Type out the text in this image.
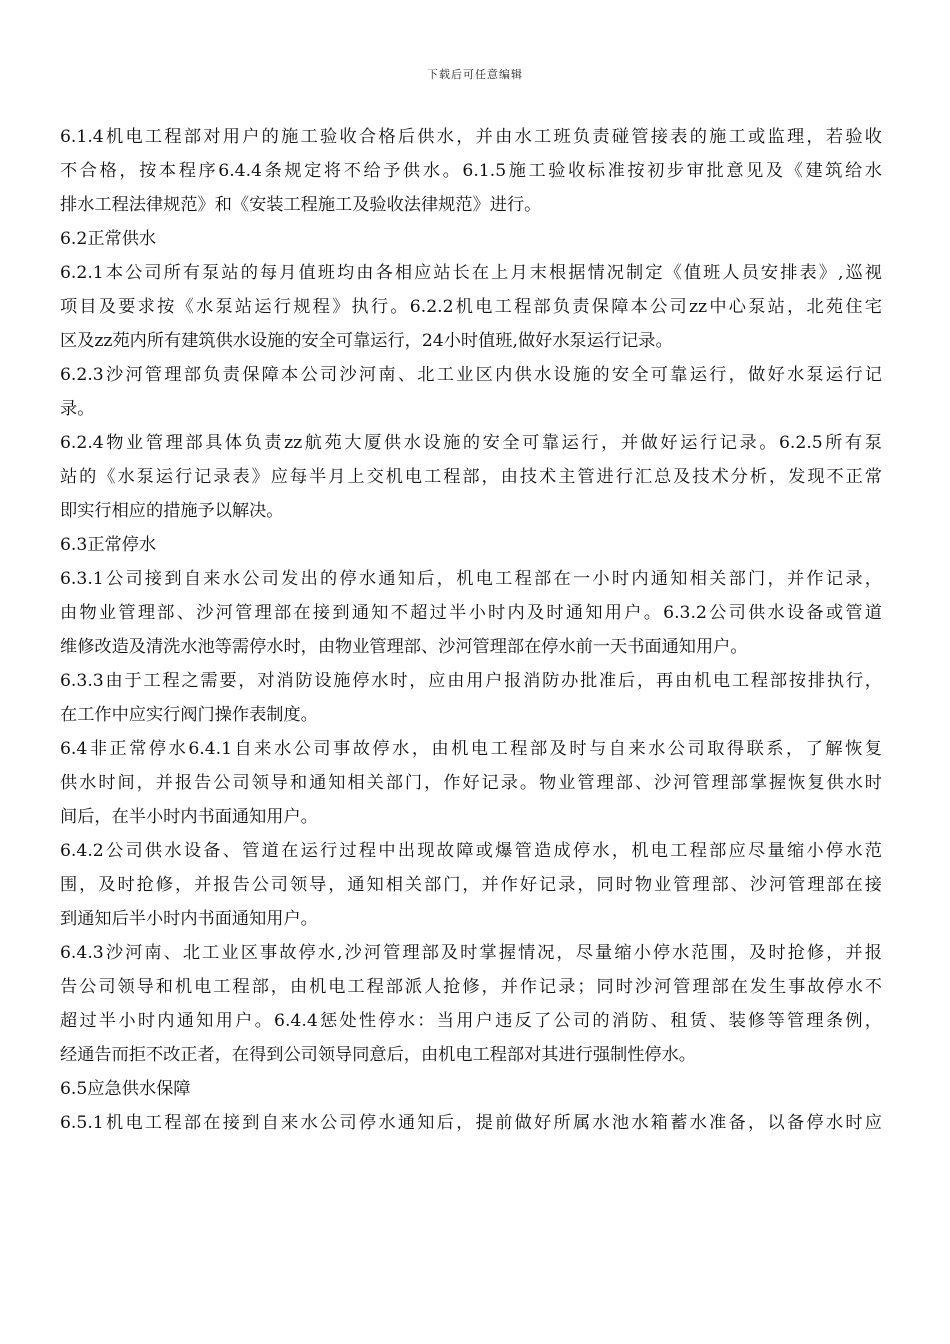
下载后可任意编辑
6.1.4机电工程部对用户的施工验收合格后供水，并由水工班负责碰管接表的施工或监理，若验收
不合格，按本程序6.4.4条规定将不给予供水。6.1.5施工验收标准按初步审批意见及《建筑给水
排水工程法律规范》和《安装工程施工及验收法律规范》进行。
6.2正常供水
6.2.1本公司所有泵站的每月值班均由各相应站长在上月末根据情况制定《值班人员安排表》,巡视
项目及要求按《水泵站运行规程》执行。6.2.2机电工程部负责保障本公司zz中心泵站，北苑住宅
区及zz苑内所有建筑供水设施的安全可靠运行，24小时值班,做好水泵运行记录。
6.2.3沙河管理部负责保障本公司沙河南、北工业区内供水设施的安全可靠运行，做好水泵运行记
录。
6.2.4物业管理部具体负责zz航苑大厦供水设施的安全可靠运行，并做好运行记录。6.2.5所有泵
站的《水泵运行记录表》应每半月上交机电工程部，由技术主管进行汇总及技术分析，发现不正常
即实行相应的措施予以解决。
6.3正常停水
6.3.1公司接到自来水公司发出的停水通知后，机电工程部在一小时内通知相关部门，并作记录，
由物业管理部、沙河管理部在接到通知不超过半小时内及时通知用户。6.3.2公司供水设备或管道
维修改造及清洗水池等需停水时，由物业管理部、沙河管理部在停水前一天书面通知用户。
6.3.3由于工程之需要，对消防设施停水时，应由用户报消防办批准后，再由机电工程部按排执行，
在工作中应实行阀门操作表制度。
6.4非正常停水6.4.1自来水公司事故停水，由机电工程部及时与自来水公司取得联系，了解恢复
供水时间，并报告公司领导和通知相关部门，作好记录。物业管理部、沙河管理部掌握恢复供水时
间后，在半小时内书面通知用户。
6.4.2公司供水设备、管道在运行过程中出现故障或爆管造成停水，机电工程部应尽量缩小停水范
围，及时抢修，并报告公司领导，通知相关部门，并作好记录，同时物业管理部、沙河管理部在接
到通知后半小时内书面通知用户。
6.4.3沙河南、北工业区事故停水,沙河管理部及时掌握情况，尽量缩小停水范围，及时抢修，并报
告公司领导和机电工程部，由机电工程部派人抢修，并作记录；同时沙河管理部在发生事故停水不
超过半小时内通知用户。6.4.4惩处性停水：当用户违反了公司的消防、租赁、装修等管理条例，
经通告而拒不改正者，在得到公司领导同意后，由机电工程部对其进行强制性停水。
6.5应急供水保障
6.5.1机电工程部在接到自来水公司停水通知后，提前做好所属水池水箱蓄水准备，以备停水时应
